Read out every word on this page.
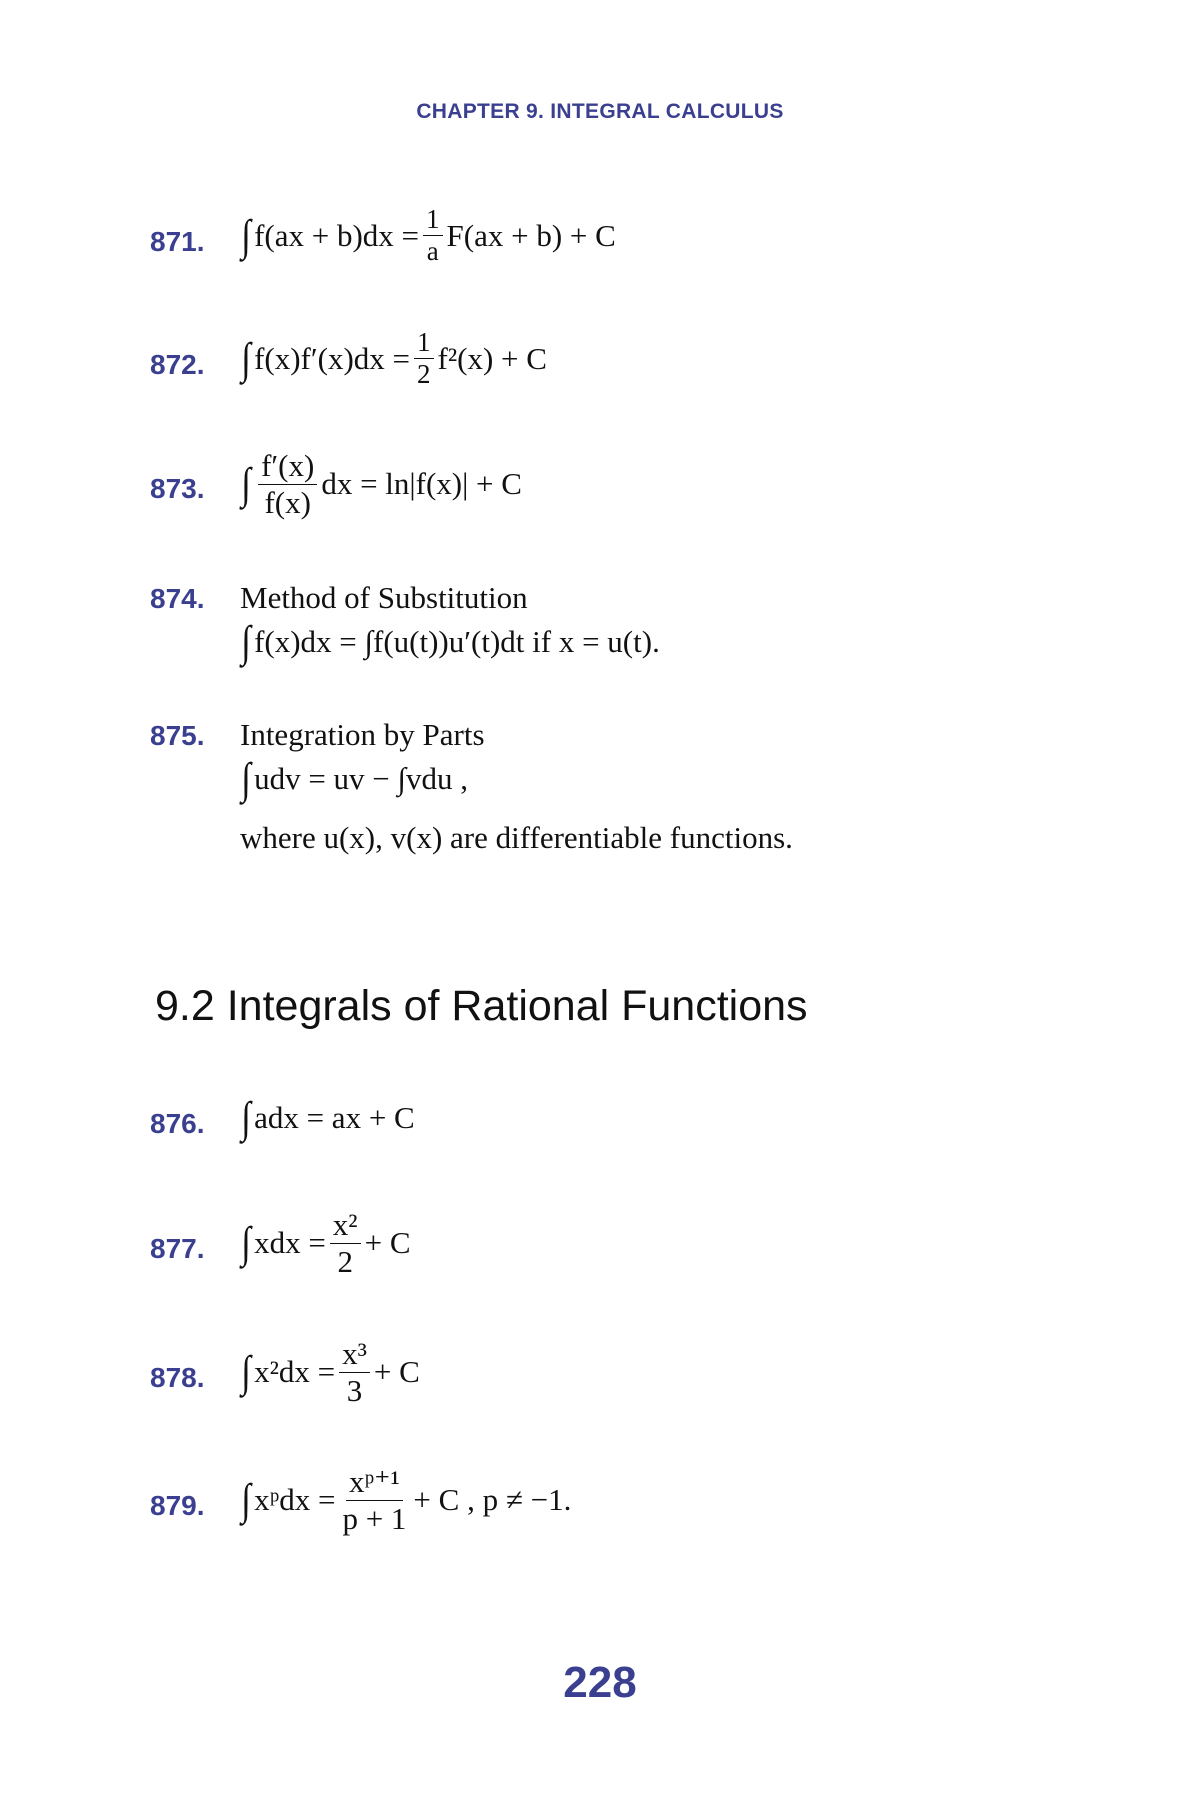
CHAPTER 9. INTEGRAL CALCULUS
871. ∫ $f(ax + b)dx = \frac{1}{a} F(ax + b) + C$
872. ∫ $f(x)f'(x)dx = \frac{1}{2} f^2(x) + C$
873. ∫ $\frac{f'(x)}{f(x)}$ dx = ln|f(x)| + C
874. Method of Substitution
∫ f(x)dx = ∫f(u(t))u′(t)dt if x = u(t).
875. Integration by Parts
∫ udv = uv − ∫vdu ,
where u(x), v(x) are differentiable functions.
9.2 Integrals of Rational Functions
876. ∫ adx = ax + C
877. ∫ xdx = $\frac{\text{x²}}{2} + C$
878. ∫ $x^2dx = \frac{\text{x³}}{3} + C$
879. ∫ xᵖdx = $\frac{\text{xᵖ⁺¹}}{p + 1} + C$ , p ≠ −1.
228
